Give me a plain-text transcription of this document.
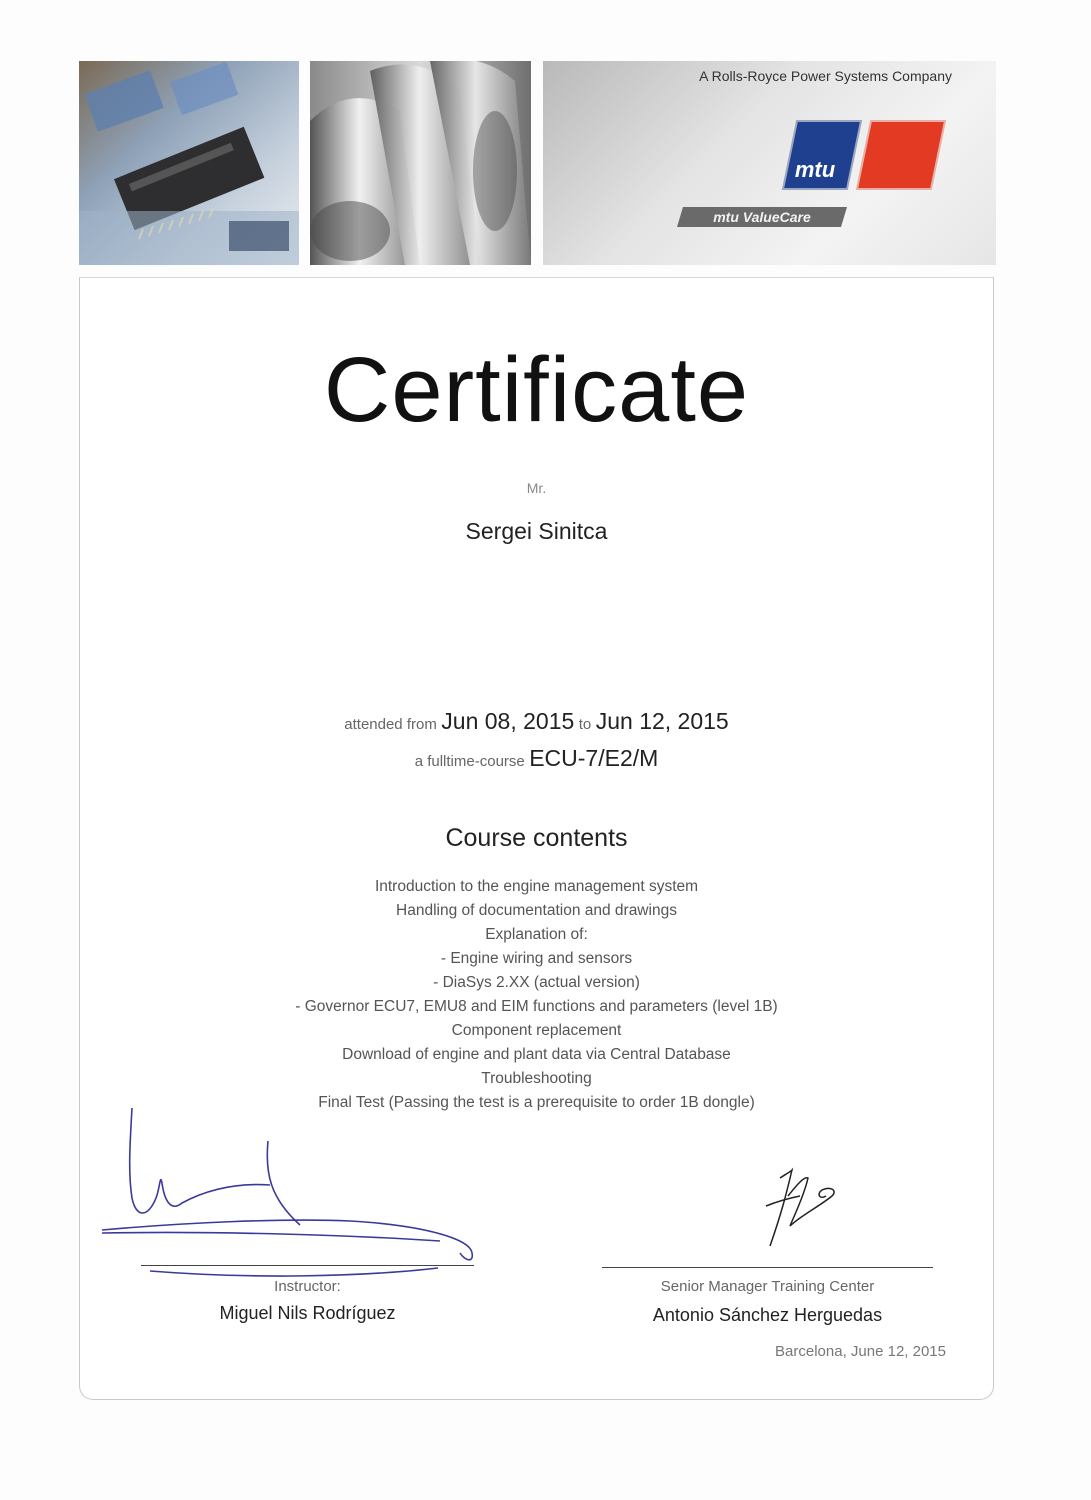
A Rolls-Royce Power Systems Company
mtu
mtu ValueCare
Certificate
Mr.
Sergei Sinitca
attended from Jun 08, 2015 to Jun 12, 2015
a fulltime-course ECU-7/E2/M
Course contents
Introduction to the engine management system
Handling of documentation and drawings
Explanation of:
- Engine wiring and sensors
- DiaSys 2.XX (actual version)
- Governor ECU7, EMU8 and EIM functions and parameters (level 1B)
Component replacement
Download of engine and plant data via Central Database
Troubleshooting
Final Test (Passing the test is a prerequisite to order 1B dongle)
Instructor:
Miguel Nils Rodríguez
Senior Manager Training Center
Antonio Sánchez Herguedas
Barcelona, June 12, 2015
